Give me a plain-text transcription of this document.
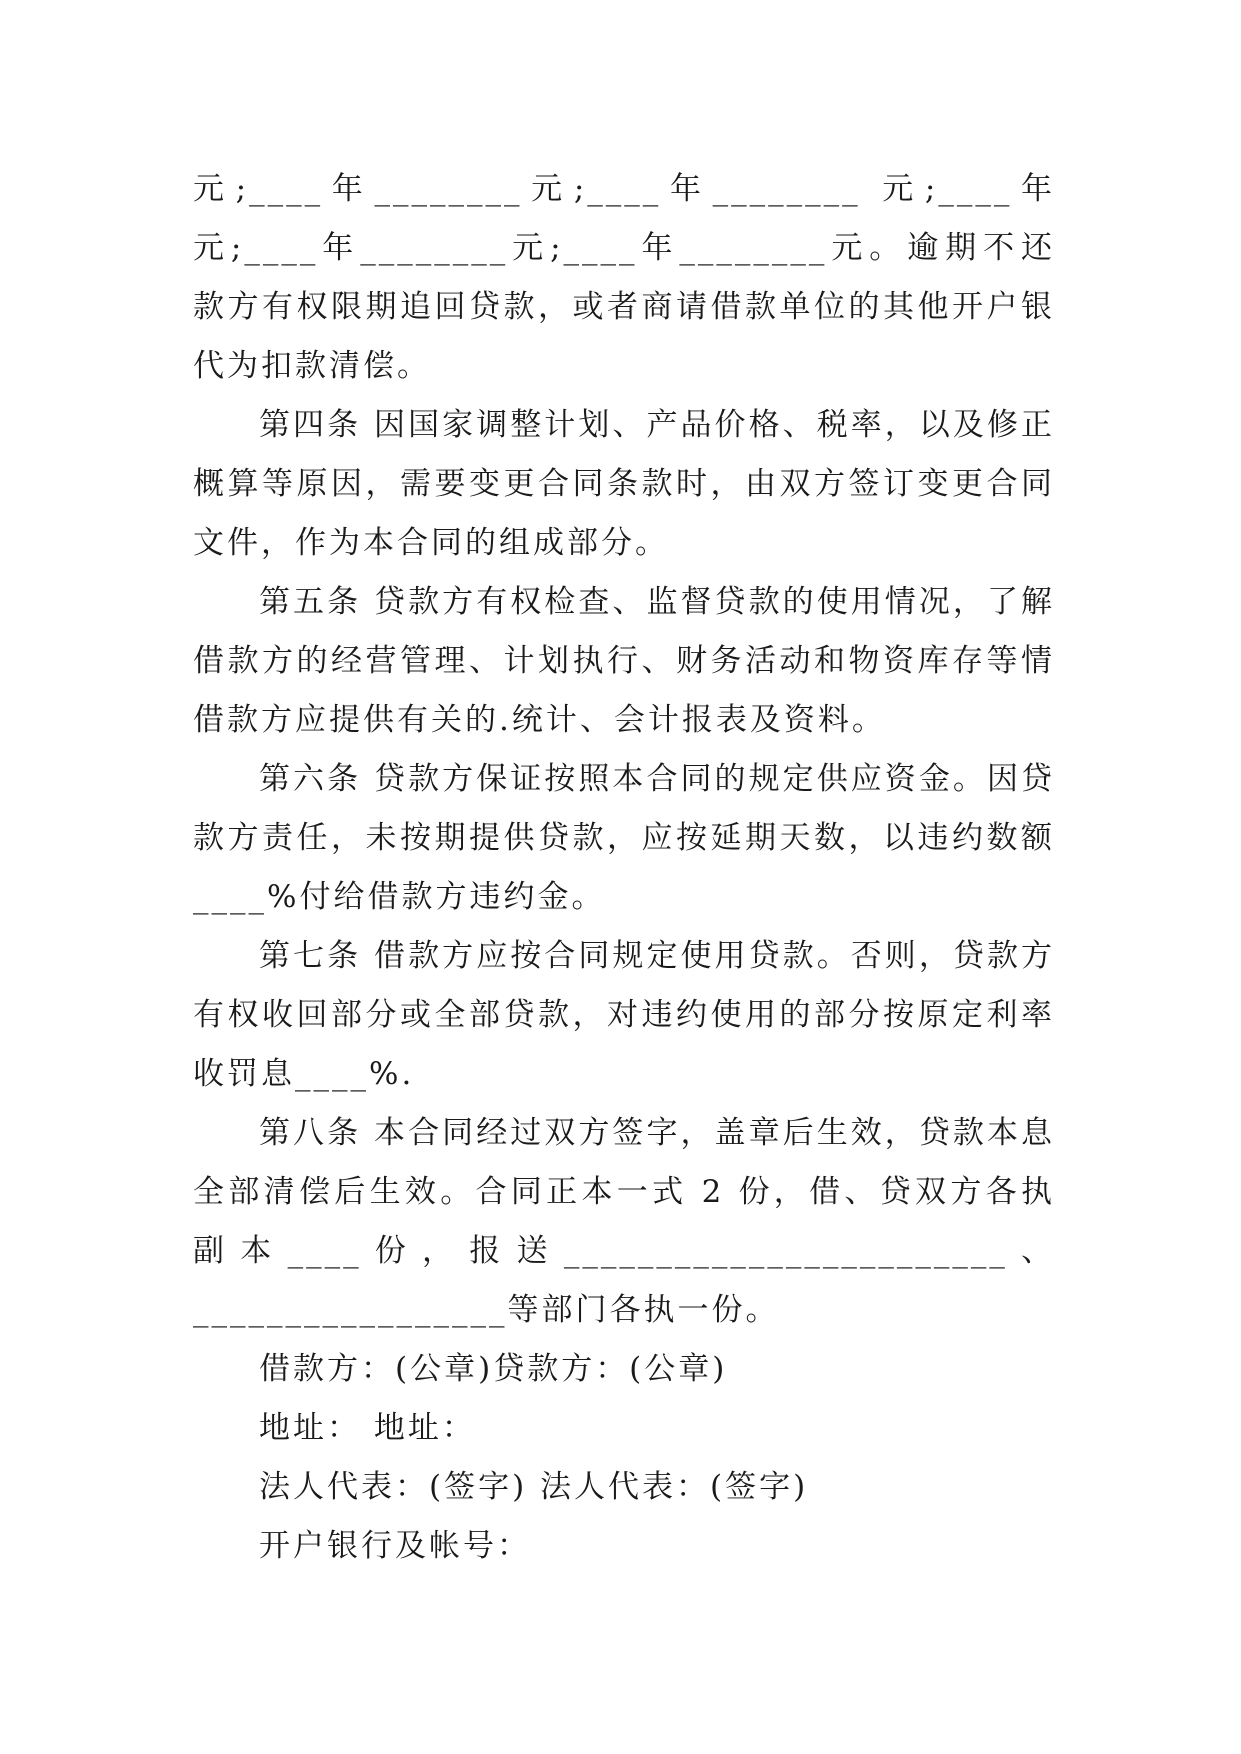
元;____年________元;____年________ 元;____年
元;____年________元;____年________元。逾期不还
款方有权限期追回贷款，或者商请借款单位的其他开户银
代为扣款清偿。
第四条 因国家调整计划、产品价格、税率，以及修正
概算等原因，需要变更合同条款时，由双方签订变更合同
文件，作为本合同的组成部分。
第五条 贷款方有权检查、监督贷款的使用情况，了解
借款方的经营管理、计划执行、财务活动和物资库存等情
借款方应提供有关的.统计、会计报表及资料。
第六条 贷款方保证按照本合同的规定供应资金。因贷
款方责任，未按期提供贷款，应按延期天数，以违约数额
____%付给借款方违约金。
第七条 借款方应按合同规定使用贷款。否则，贷款方
有权收回部分或全部贷款，对违约使用的部分按原定利率
收罚息____%.
第八条 本合同经过双方签字，盖章后生效，贷款本息
全部清偿后生效。合同正本一式 2 份，借、贷双方各执
副 本 ____ 份 ， 报 送 ________________________ 、
_________________等部门各执一份。
借款方：(公章)贷款方：(公章)
地址： 地址：
法人代表：(签字) 法人代表：(签字)
开户银行及帐号：
